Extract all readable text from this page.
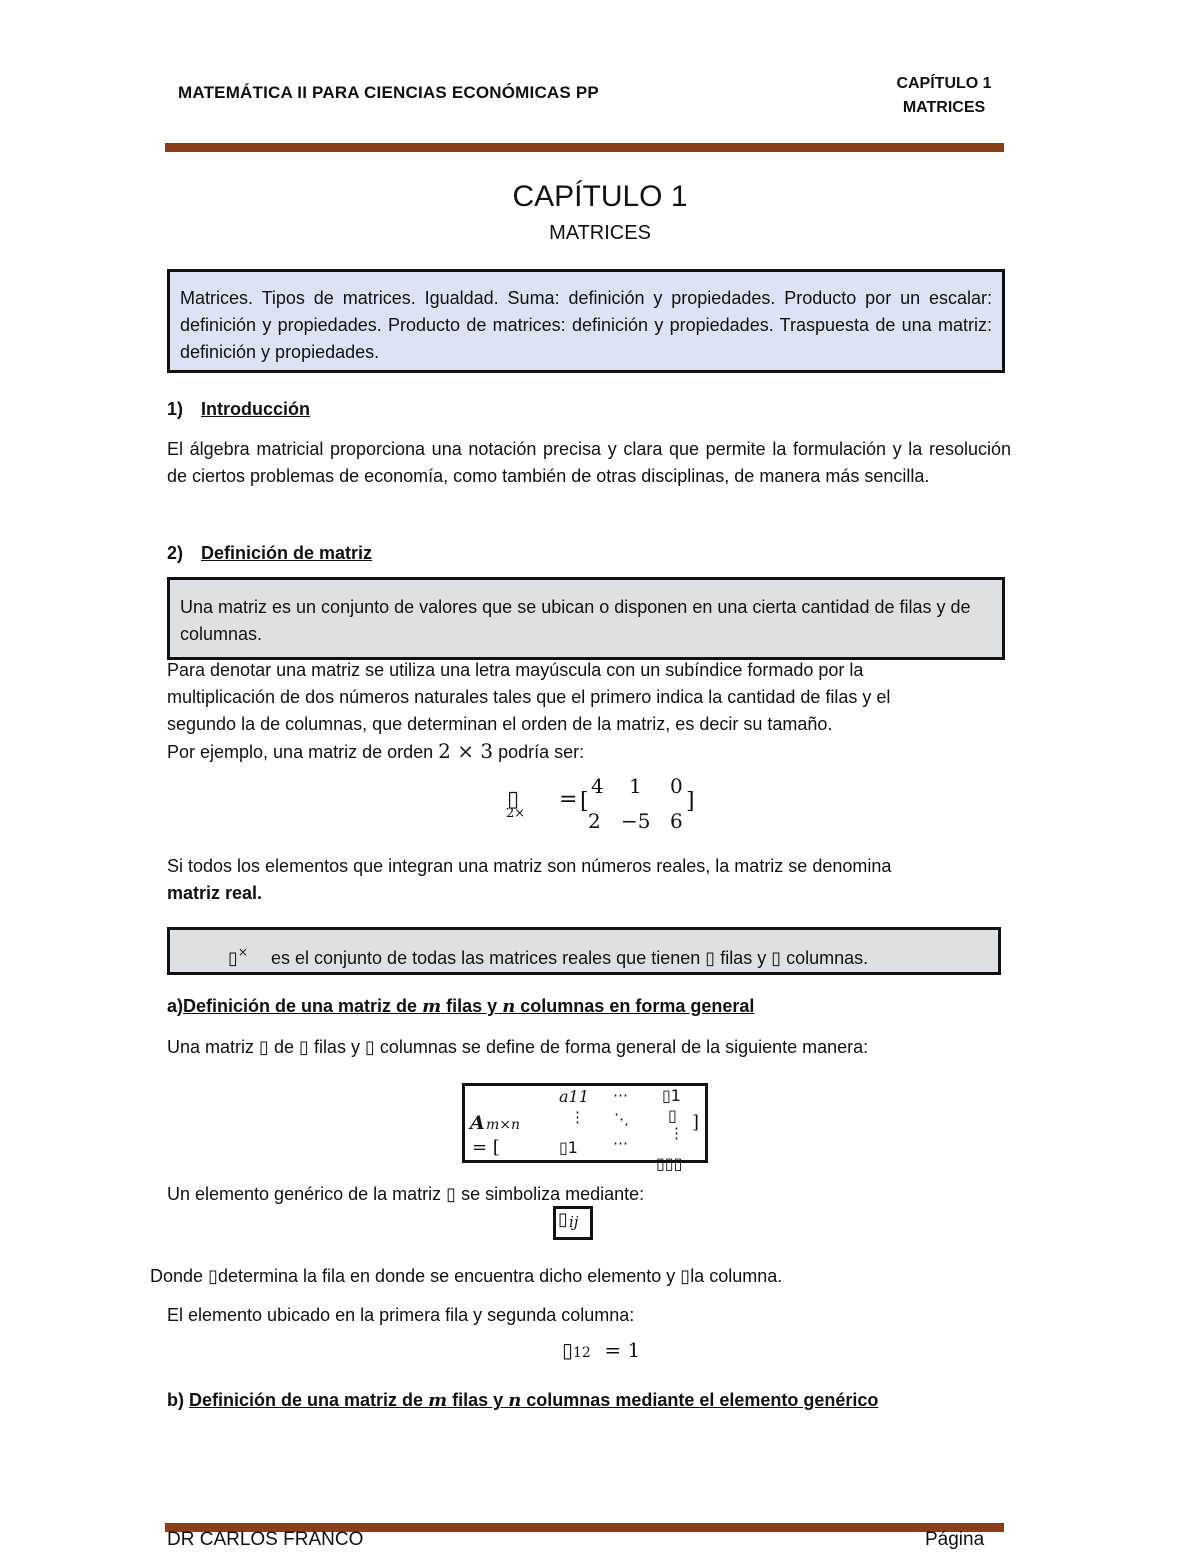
MATEMÁTICA II PARA CIENCIAS ECONÓMICAS PP	CAPÍTULO 1
MATRICES
CAPÍTULO 1
MATRICES
Matrices. Tipos de matrices. Igualdad. Suma: definición y propiedades. Producto por un escalar: definición y propiedades. Producto de matrices: definición y propiedades. Traspuesta de una matriz: definición y propiedades.
1) Introducción
El álgebra matricial proporciona una notación precisa y clara que permite la formulación y la resolución de ciertos problemas de economía, como también de otras disciplinas, de manera más sencilla.
2) Definición de matriz
Una matriz es un conjunto de valores que se ubican o disponen en una cierta cantidad de filas y de columnas.
Para denotar una matriz se utiliza una letra mayúscula con un subíndice formado por la
multiplicación de dos números naturales tales que el primero indica la cantidad de filas y el
segundo la de columnas, que determinan el orden de la matriz, es decir su tamaño.
Por ejemplo, una matriz de orden 2 × 3 podría ser:
▯
2×
= [	]
4 1 0
2 −5 6
Si todos los elementos que integran una matriz son números reales, la matriz se denomina
matriz real.
▯× es el conjunto de todas las matrices reales que tienen ▯ filas y ▯ columnas.
a)Definición de una matriz de m filas y n columnas en forma general
Una matriz ▯ de ▯ filas y ▯ columnas se define de forma general de la siguiente manera:
A m×n
= [
a11 ⋯ ▯1
⋮ ⋱ ▯ ]
⋮
▯1 ⋯
▯▯▯
Un elemento genérico de la matriz ▯ se simboliza mediante:
▯ ij
Donde ▯determina la fila en donde se encuentra dicho elemento y ▯la columna.
El elemento ubicado en la primera fila y segunda columna:
▯12 = 1
b) Definición de una matriz de m filas y n columnas mediante el elemento genérico
DR CARLOS FRANCO	Página
